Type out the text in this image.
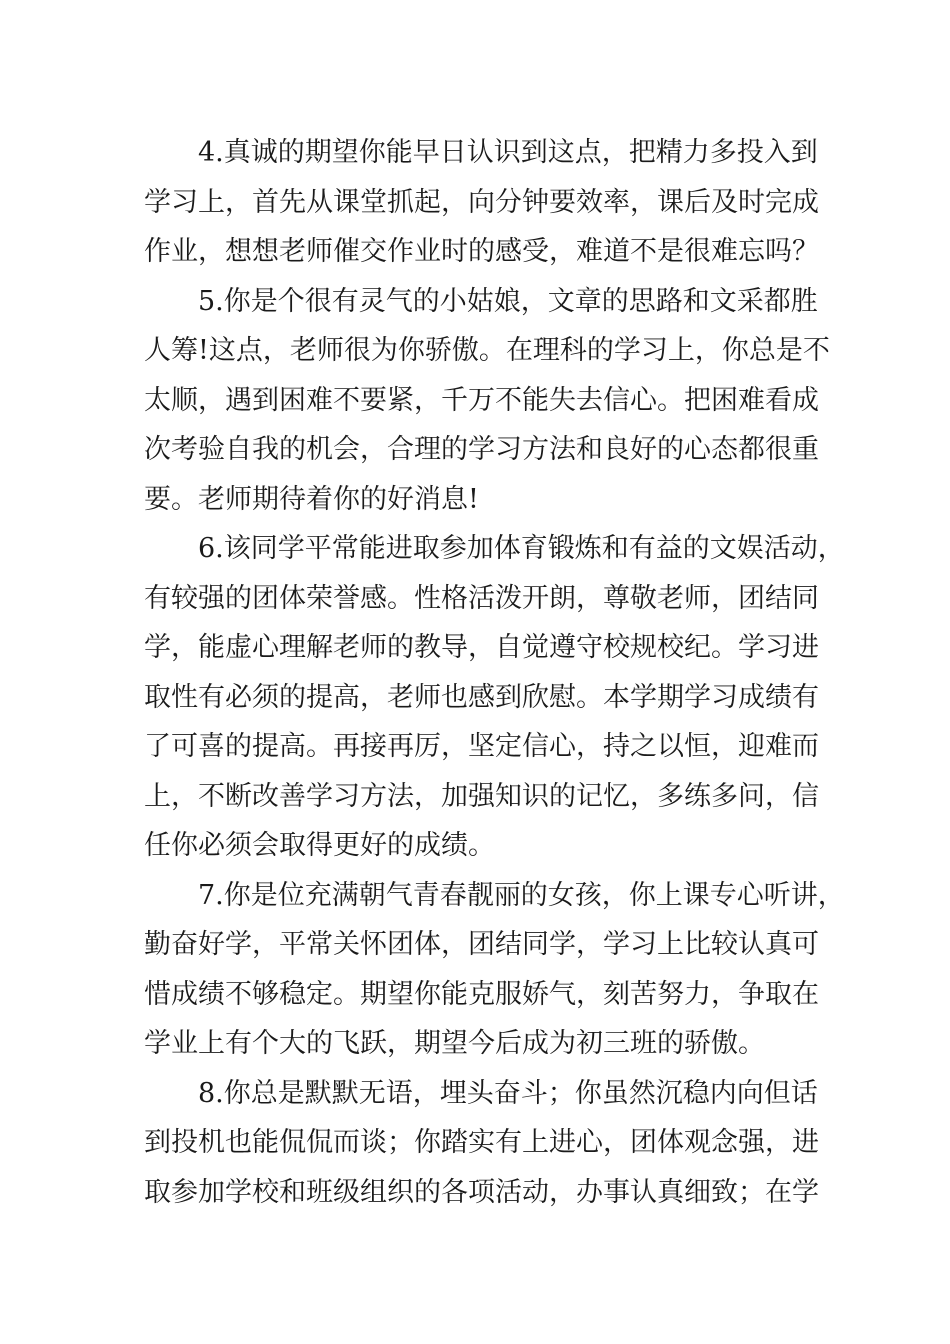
4.真诚的期望你能早日认识到这点，把精力多投入到
学习上，首先从课堂抓起，向分钟要效率，课后及时完成
作业，想想老师催交作业时的感受，难道不是很难忘吗？
5.你是个很有灵气的小姑娘，文章的思路和文采都胜
人筹!这点，老师很为你骄傲。在理科的学习上，你总是不
太顺，遇到困难不要紧，千万不能失去信心。把困难看成
次考验自我的机会，合理的学习方法和良好的心态都很重
要。老师期待着你的好消息!
6.该同学平常能进取参加体育锻炼和有益的文娱活动，
有较强的团体荣誉感。性格活泼开朗，尊敬老师，团结同
学，能虚心理解老师的教导，自觉遵守校规校纪。学习进
取性有必须的提高，老师也感到欣慰。本学期学习成绩有
了可喜的提高。再接再厉，坚定信心，持之以恒，迎难而
上，不断改善学习方法，加强知识的记忆，多练多问，信
任你必须会取得更好的成绩。
7.你是位充满朝气青春靓丽的女孩，你上课专心听讲，
勤奋好学，平常关怀团体，团结同学，学习上比较认真可
惜成绩不够稳定。期望你能克服娇气，刻苦努力，争取在
学业上有个大的飞跃，期望今后成为初三班的骄傲。
8.你总是默默无语，埋头奋斗；你虽然沉稳内向但话
到投机也能侃侃而谈；你踏实有上进心，团体观念强，进
取参加学校和班级组织的各项活动，办事认真细致；在学
